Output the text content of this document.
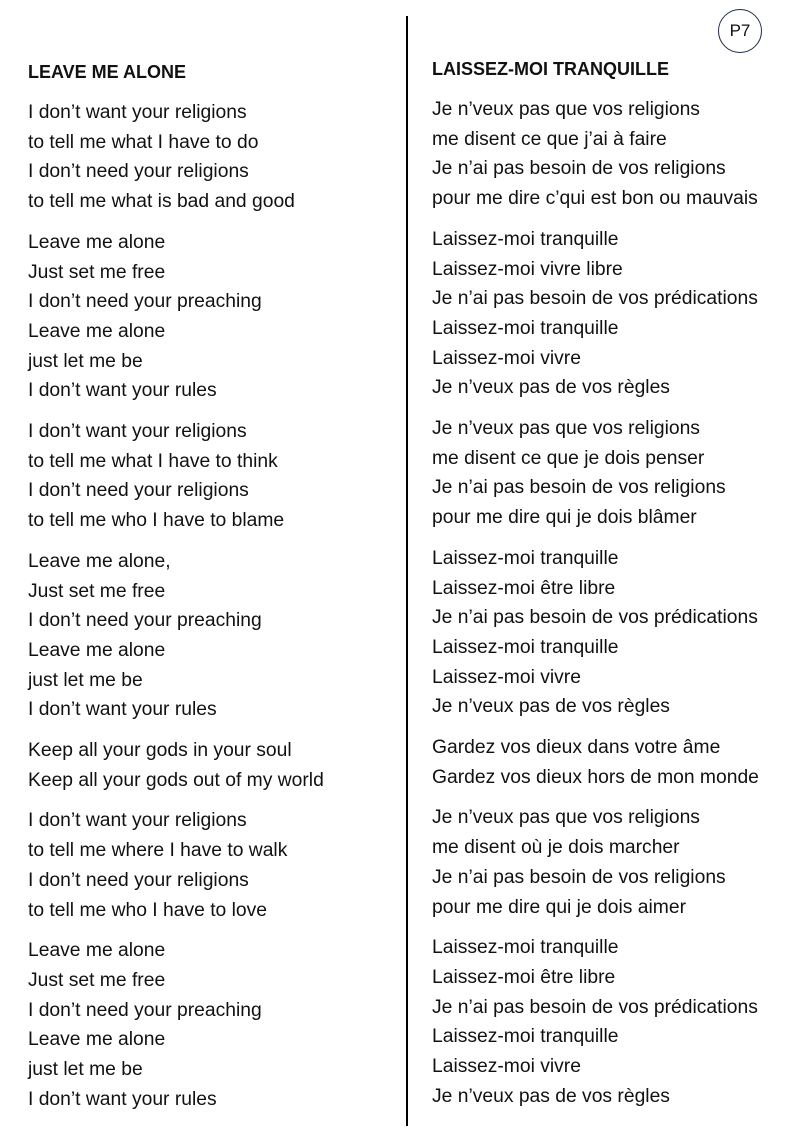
P7
LEAVE ME ALONE
I don’t want your religions
to tell me what I have to do
I don’t need your religions
to tell me what is bad and good
Leave me alone
Just set me free
I don’t need your preaching
Leave me alone
just let me be
I don’t want your rules
I don’t want your religions
to tell me what I have to think
I don’t need your religions
to tell me who I have to blame
Leave me alone,
Just set me free
I don’t need your preaching
Leave me alone
just let me be
I don’t want your rules
Keep all your gods in your soul
Keep all your gods out of my world
I don’t want your religions
to tell me where I have to walk
I don’t need your religions
to tell me who I have to love
Leave me alone
Just set me free
I don’t need your preaching
Leave me alone
just let me be
I don’t want your rules
LAISSEZ-MOI TRANQUILLE
Je n’veux pas que vos religions
me disent ce que j’ai à faire
Je n’ai pas besoin de vos religions
pour me dire c’qui est bon ou mauvais
Laissez-moi tranquille
Laissez-moi vivre libre
Je n’ai pas besoin de vos prédications
Laissez-moi tranquille
Laissez-moi vivre
Je n’veux pas de vos règles
Je n’veux pas que vos religions
me disent ce que je dois penser
Je n’ai pas besoin de vos religions
pour me dire qui je dois blâmer
Laissez-moi tranquille
Laissez-moi être libre
Je n’ai pas besoin de vos prédications
Laissez-moi tranquille
Laissez-moi vivre
Je n’veux pas de vos règles
Gardez vos dieux dans votre âme
Gardez vos dieux hors de mon monde
Je n’veux pas que vos religions
me disent où je dois marcher
Je n’ai pas besoin de vos religions
pour me dire qui je dois aimer
Laissez-moi tranquille
Laissez-moi être libre
Je n’ai pas besoin de vos prédications
Laissez-moi tranquille
Laissez-moi vivre
Je n’veux pas de vos règles
